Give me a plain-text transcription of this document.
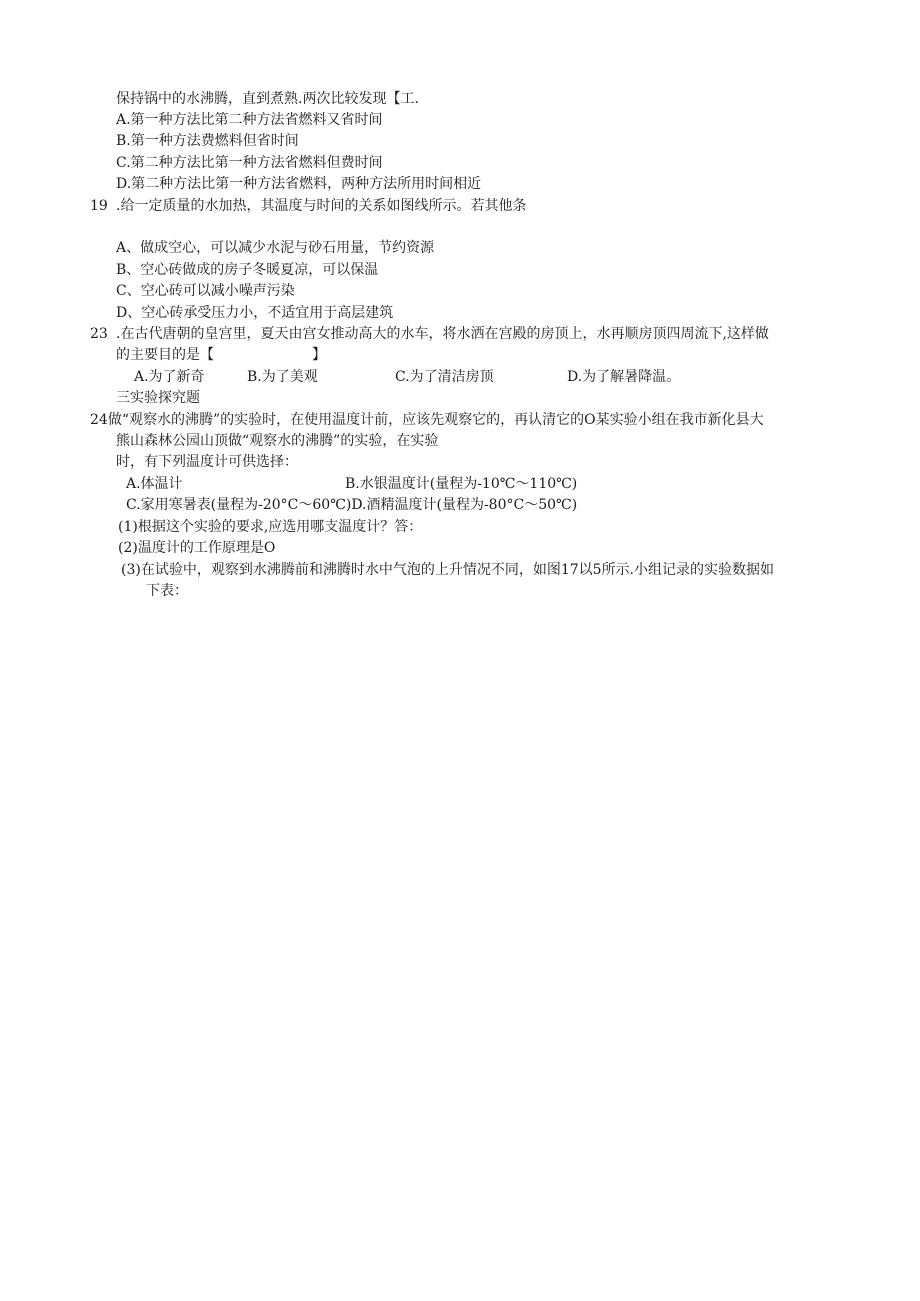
保持锅中的水沸腾，直到煮熟.两次比较发现【工.
A.第一种方法比第二种方法省燃料又省时间
B.第一种方法费燃料但省时间
C.第二种方法比第一种方法省燃料但费时间
D.第二种方法比第一种方法省燃料，两种方法所用时间相近
19 .给一定质量的水加热，其温度与时间的关系如图线所示。若其他条
A、做成空心，可以减少水泥与砂石用量，节约资源
B、空心砖做成的房子冬暖夏凉，可以保温
C、空心砖可以减小噪声污染
D、空心砖承受压力小，不适宜用于高层建筑
23 .在古代唐朝的皇宫里，夏天由宫女推动高大的水车，将水洒在宫殿的房顶上，水再顺房顶四周流下,这样做
的主要目的是【　　　　　　　】
A.为了新奇	B.为了美观	C.为了清洁房顶	D.为了解暑降温。
三实验探究题
24做“观察水的沸腾”的实验时，在使用温度计前，应该先观察它的，再认清它的O某实验小组在我市新化县大
熊山森林公园山顶做“观察水的沸腾”的实验，在实验
时，有下列温度计可供选择：
A.体温计	B.水银温度计(量程为-10℃～110℃)
C.家用寒暑表(量程为-20°C～60℃)D.酒精温度计(量程为-80°C～50℃)
(1)根据这个实验的要求,应选用哪支温度计？答：
(2)温度计的工作原理是O
(3)在试验中，观察到水沸腾前和沸腾时水中气泡的上升情况不同，如图17以5所示.小组记录的实验数据如
下表：
